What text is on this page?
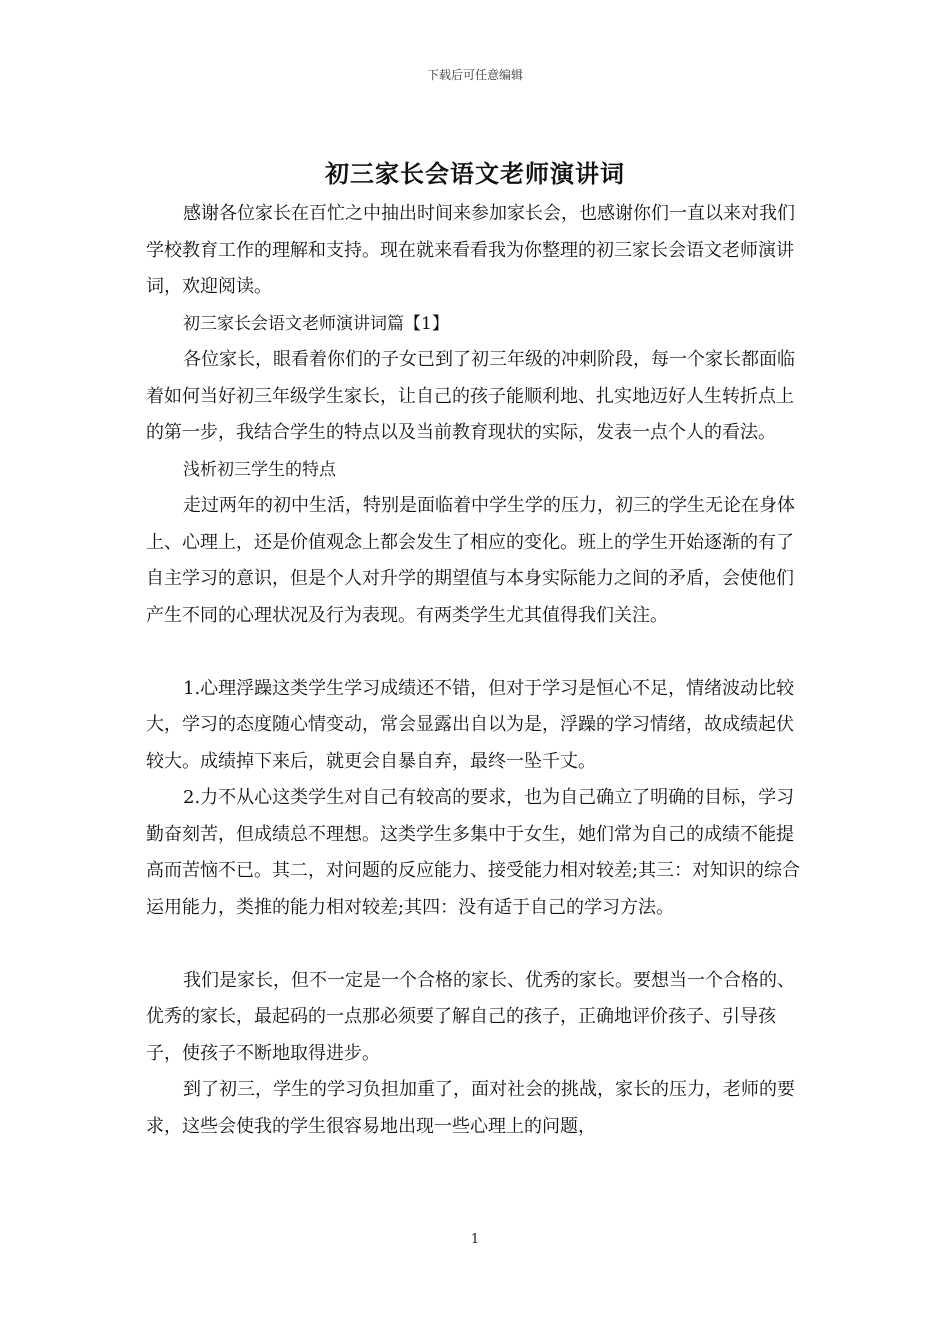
下载后可任意编辑
初三家长会语文老师演讲词

感谢各位家长在百忙之中抽出时间来参加家长会，也感谢你们一直以来对我们学校教育工作的理解和支持。现在就来看看我为你整理的初三家长会语文老师演讲词，欢迎阅读。

初三家长会语文老师演讲词篇【1】

各位家长，眼看着你们的子女已到了初三年级的冲刺阶段，每一个家长都面临着如何当好初三年级学生家长，让自己的孩子能顺利地、扎实地迈好人生转折点上的第一步，我结合学生的特点以及当前教育现状的实际，发表一点个人的看法。

浅析初三学生的特点

走过两年的初中生活，特别是面临着中学生学的压力，初三的学生无论在身体上、心理上，还是价值观念上都会发生了相应的变化。班上的学生开始逐渐的有了自主学习的意识，但是个人对升学的期望值与本身实际能力之间的矛盾，会使他们产生不同的心理状况及行为表现。有两类学生尤其值得我们关注。

1.心理浮躁这类学生学习成绩还不错，但对于学习是恒心不足，情绪波动比较大，学习的态度随心情变动，常会显露出自以为是，浮躁的学习情绪，故成绩起伏较大。成绩掉下来后，就更会自暴自弃，最终一坠千丈。

2.力不从心这类学生对自己有较高的要求，也为自己确立了明确的目标，学习勤奋刻苦，但成绩总不理想。这类学生多集中于女生，她们常为自己的成绩不能提高而苦恼不已。其二，对问题的反应能力、接受能力相对较差;其三：对知识的综合运用能力，类推的能力相对较差;其四：没有适于自己的学习方法。

我们是家长，但不一定是一个合格的家长、优秀的家长。要想当一个合格的、优秀的家长，最起码的一点那必须要了解自己的孩子，正确地评价孩子、引导孩子，使孩子不断地取得进步。

到了初三，学生的学习负担加重了，面对社会的挑战，家长的压力，老师的要求，这些会使我的学生很容易地出现一些心理上的问题，

1
